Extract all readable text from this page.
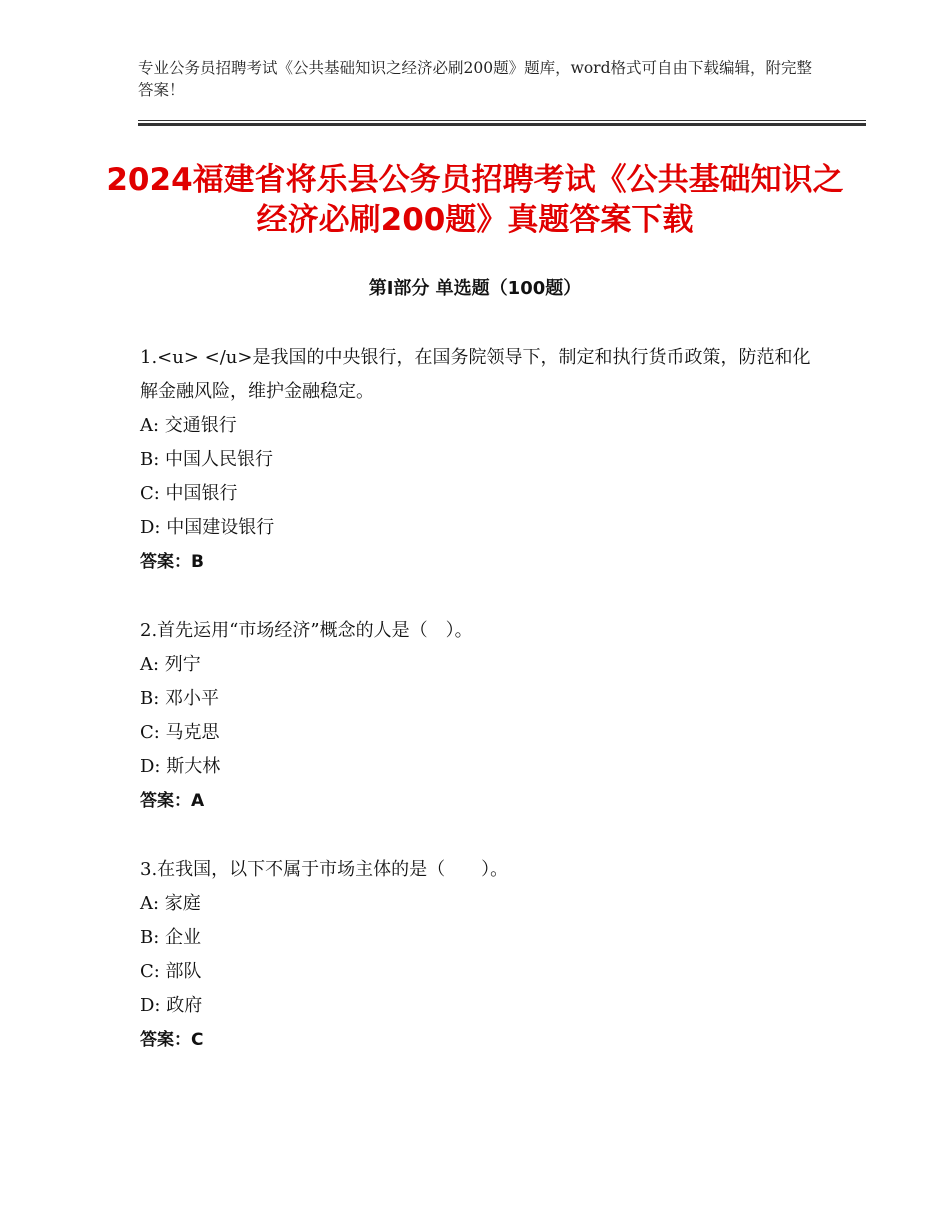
专业公务员招聘考试《公共基础知识之经济必刷200题》题库，word格式可自由下载编辑，附完整答案！
2024福建省将乐县公务员招聘考试《公共基础知识之经济必刷200题》真题答案下载
第Ⅰ部分 单选题（100题）

1.<u> </u>是我国的中央银行，在国务院领导下，制定和执行货币政策，防范和化解金融风险，维护金融稳定。

A: 交通银行

B: 中国人民银行

C: 中国银行

D: 中国建设银行

答案：B

2.首先运用“市场经济”概念的人是（　）。

A: 列宁

B: 邓小平

C: 马克思

D: 斯大林

答案：A

3.在我国，以下不属于市场主体的是（　　）。

A: 家庭

B: 企业

C: 部队

D: 政府

答案：C
